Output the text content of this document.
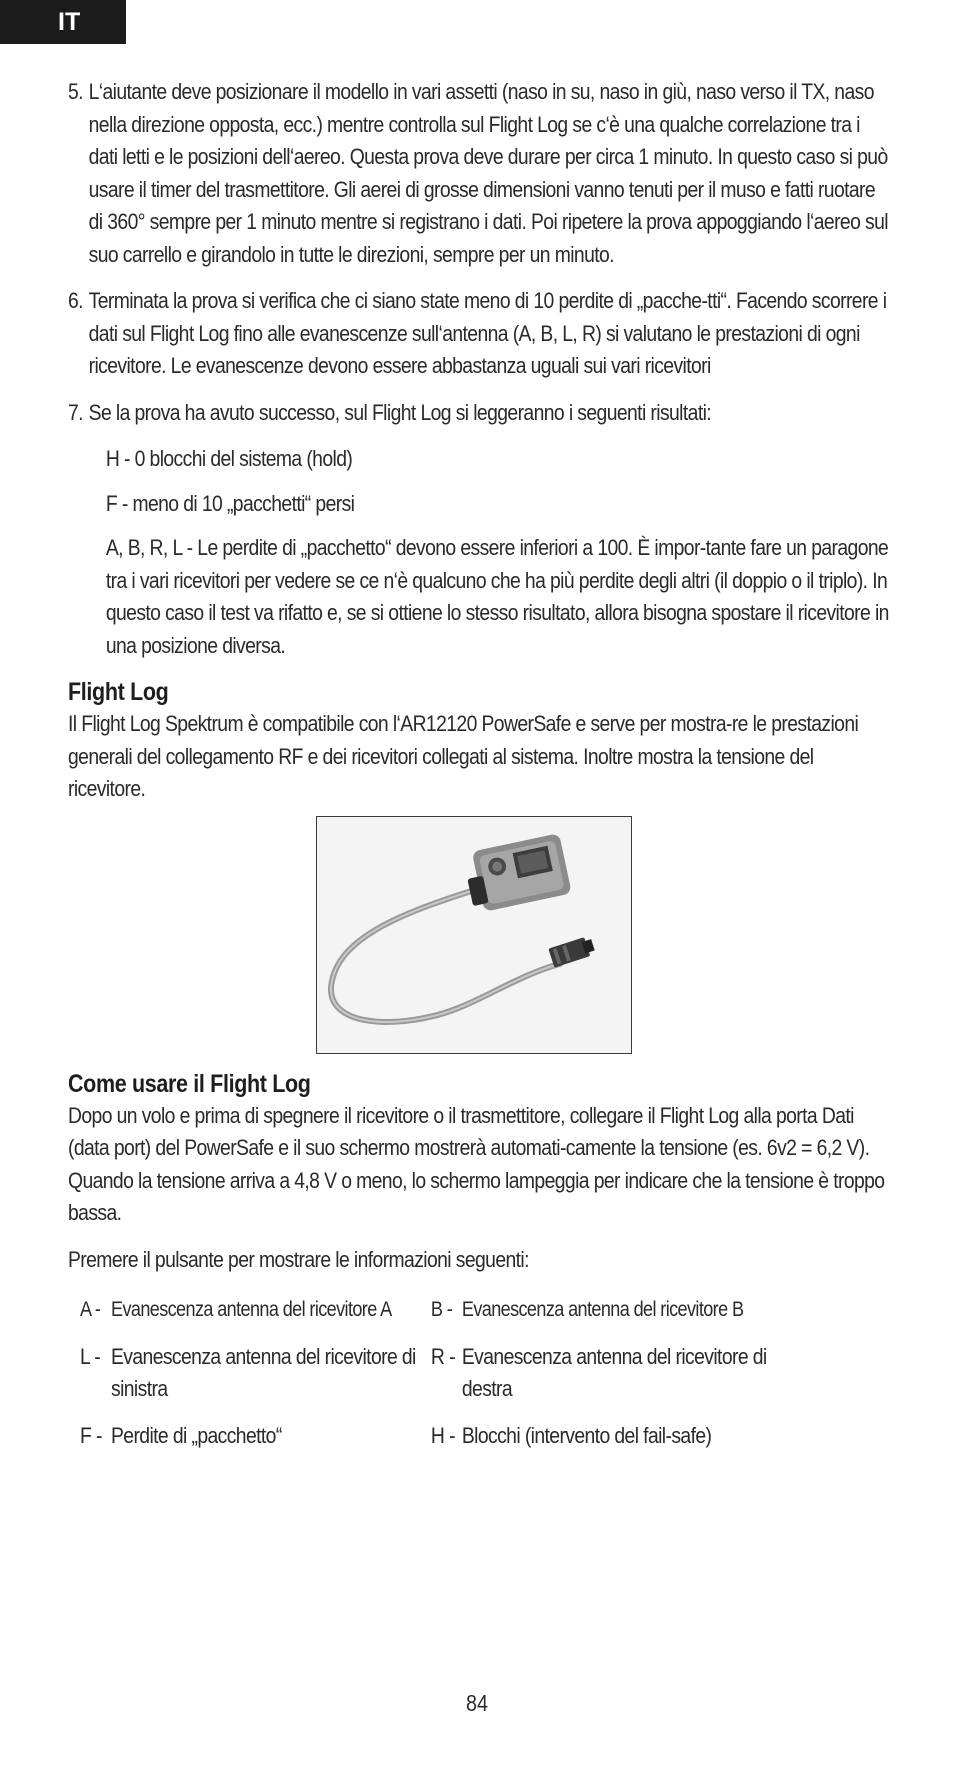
IT
5. L‘aiutante deve posizionare il modello in vari assetti (naso in su, naso in giù, naso verso il TX, naso nella direzione opposta, ecc.) mentre controlla sul Flight Log se c‘è una qualche correlazione tra i dati letti e le posizioni dell‘aereo. Questa prova deve durare per circa 1 minuto. In questo caso si può usare il timer del trasmettitore. Gli aerei di grosse dimensioni vanno tenuti per il muso e fatti ruotare di 360° sempre per 1 minuto mentre si registrano i dati. Poi ripetere la prova appoggiando l‘aereo sul suo carrello e girandolo in tutte le direzioni, sempre per un minuto.
6. Terminata la prova si verifica che ci siano state meno di 10 perdite di „pacche-tti“. Facendo scorrere i dati sul Flight Log fino alle evanescenze sull‘antenna (A, B, L, R) si valutano le prestazioni di ogni ricevitore. Le evanescenze devono essere abbastanza uguali sui vari ricevitori
7. Se la prova ha avuto successo, sul Flight Log si leggeranno i seguenti risultati:
H - 0 blocchi del sistema (hold)
F - meno di 10 „pacchetti“ persi
A, B, R, L - Le perdite di „pacchetto“ devono essere inferiori a 100. È impor-tante fare un paragone tra i vari ricevitori per vedere se ce n‘è qualcuno che ha più perdite degli altri (il doppio o il triplo). In questo caso il test va rifatto e, se si ottiene lo stesso risultato, allora bisogna spostare il ricevitore in una posizione diversa.
Flight Log

Il Flight Log Spektrum è compatibile con l‘AR12120 PowerSafe e serve per mostra-re le prestazioni generali del collegamento RF e dei ricevitori collegati al sistema. Inoltre mostra la tensione del ricevitore.

Come usare il Flight Log

Dopo un volo e prima di spegnere il ricevitore o il trasmettitore, collegare il Flight Log alla porta Dati (data port) del PowerSafe e il suo schermo mostrerà automati-camente la tensione (es. 6v2 = 6,2 V). Quando la tensione arriva a 4,8 V o meno, lo schermo lampeggia per indicare che la tensione è troppo bassa.

Premere il pulsante per mostrare le informazioni seguenti:

A - Evanescenza antenna del ricevitore A	B - Evanescenza antenna del ricevitore B
L - Evanescenza antenna del ricevitore di sinistra
R - Evanescenza antenna del ricevitore di destra
F - Perdite di „pacchetto“	H - Blocchi (intervento del fail-safe)
84
